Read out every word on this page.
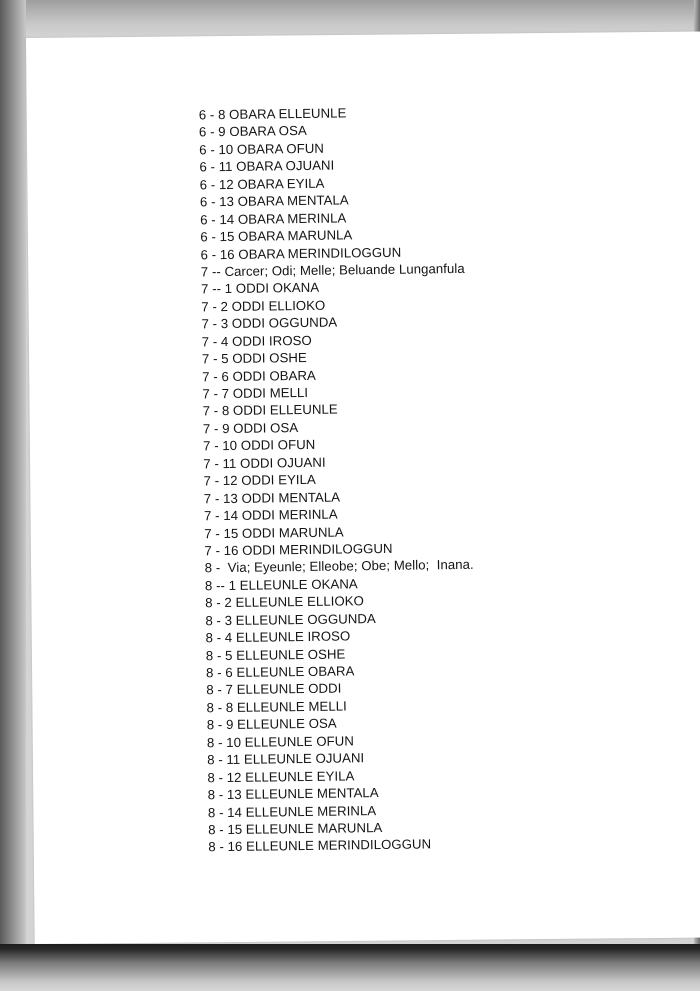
6 - 8 OBARA ELLEUNLE
6 - 9 OBARA OSA
6 - 10 OBARA OFUN
6 - 11 OBARA OJUANI
6 - 12 OBARA EYILA
6 - 13 OBARA MENTALA
6 - 14 OBARA MERINLA
6 - 15 OBARA MARUNLA
6 - 16 OBARA MERINDILOGGUN
7 -- Carcer; Odi; Melle; Beluande Lunganfula
7 -- 1 ODDI OKANA
7 - 2 ODDI ELLIOKO
7 - 3 ODDI OGGUNDA
7 - 4 ODDI IROSO
7 - 5 ODDI OSHE
7 - 6 ODDI OBARA
7 - 7 ODDI MELLI
7 - 8 ODDI ELLEUNLE
7 - 9 ODDI OSA
7 - 10 ODDI OFUN
7 - 11 ODDI OJUANI
7 - 12 ODDI EYILA
7 - 13 ODDI MENTALA
7 - 14 ODDI MERINLA
7 - 15 ODDI MARUNLA
7 - 16 ODDI MERINDILOGGUN
8 -  Via; Eyeunle; Elleobe; Obe; Mello;  Inana.
8 -- 1 ELLEUNLE OKANA
8 - 2 ELLEUNLE ELLIOKO
8 - 3 ELLEUNLE OGGUNDA
8 - 4 ELLEUNLE IROSO
8 - 5 ELLEUNLE OSHE
8 - 6 ELLEUNLE OBARA
8 - 7 ELLEUNLE ODDI
8 - 8 ELLEUNLE MELLI
8 - 9 ELLEUNLE OSA
8 - 10 ELLEUNLE OFUN
8 - 11 ELLEUNLE OJUANI
8 - 12 ELLEUNLE EYILA
8 - 13 ELLEUNLE MENTALA
8 - 14 ELLEUNLE MERINLA
8 - 15 ELLEUNLE MARUNLA
8 - 16 ELLEUNLE MERINDILOGGUN
